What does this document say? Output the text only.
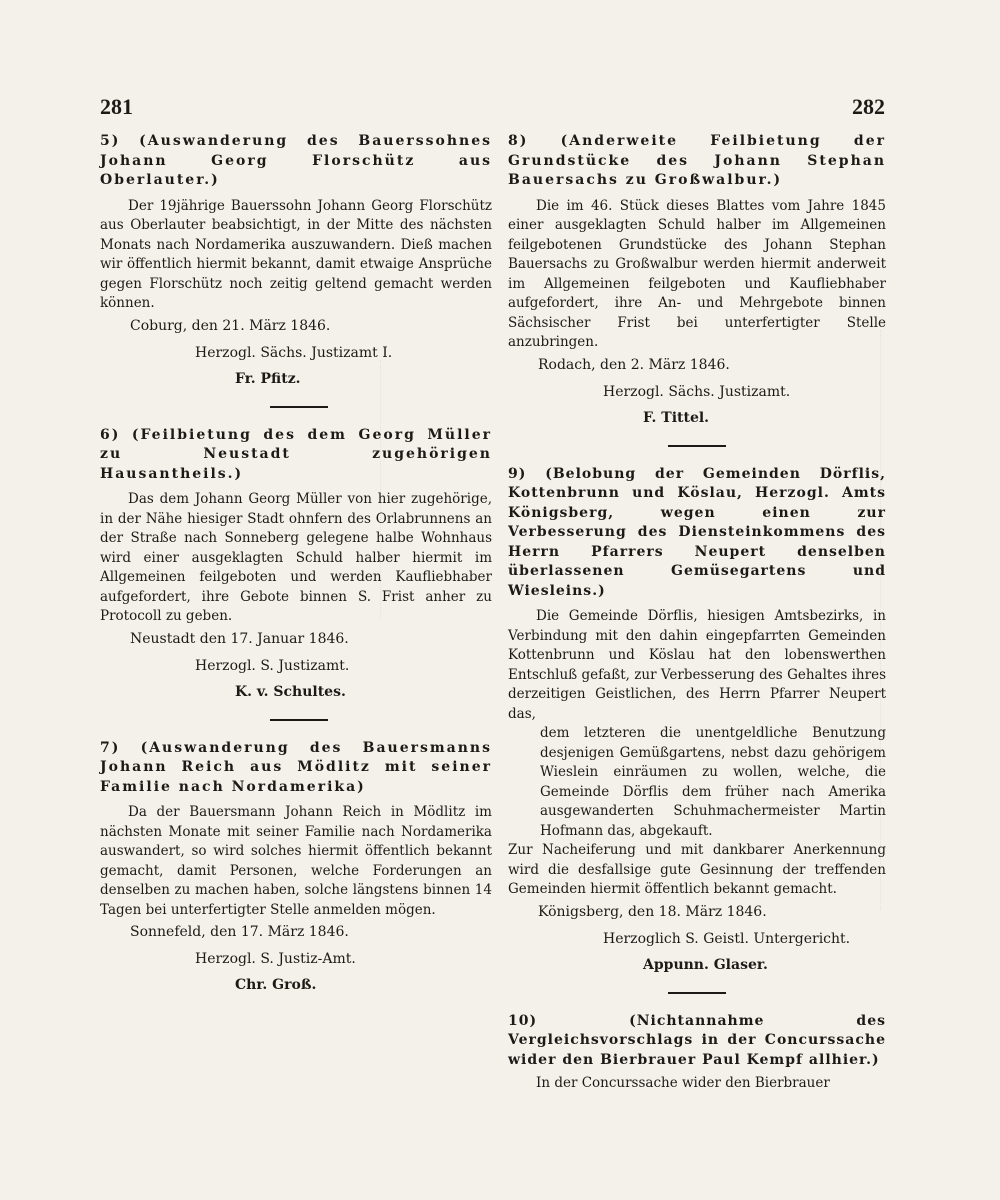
281	282

5) (Auswanderung des Bauerssohnes Johann Georg Florschütz aus Oberlauter.)

Der 19jährige Bauerssohn Johann Georg Florschütz aus Oberlauter beabsichtigt, in der Mitte des nächsten Monats nach Nordamerika auszuwandern. Dieß machen wir öffentlich hiermit bekannt, damit etwaige Ansprüche gegen Florschütz noch zeitig geltend gemacht werden können.

Coburg, den 21. März 1846.

Herzogl. Sächs. Justizamt I.

Fr. Pfitz.

6) (Feilbietung des dem Georg Müller zu Neustadt zugehörigen Hausantheils.)

Das dem Johann Georg Müller von hier zugehörige, in der Nähe hiesiger Stadt ohnfern des Orlabrunnens an der Straße nach Sonneberg gelegene halbe Wohnhaus wird einer ausgeklagten Schuld halber hiermit im Allgemeinen feilgeboten und werden Kaufliebhaber aufgefordert, ihre Gebote binnen S. Frist anher zu Protocoll zu geben.

Neustadt den 17. Januar 1846.

Herzogl. S. Justizamt.

K. v. Schultes.

7) (Auswanderung des Bauersmanns Johann Reich aus Mödlitz mit seiner Familie nach Nordamerika)

Da der Bauersmann Johann Reich in Mödlitz im nächsten Monate mit seiner Familie nach Nordamerika auswandert, so wird solches hiermit öffentlich bekannt gemacht, damit Personen, welche Forderungen an denselben zu machen haben, solche längstens binnen 14 Tagen bei unterfertigter Stelle anmelden mögen.

Sonnefeld, den 17. März 1846.

Herzogl. S. Justiz-Amt.

Chr. Groß.

8) (Anderweite Feilbietung der Grundstücke des Johann Stephan Bauersachs zu Großwalbur.)

Die im 46. Stück dieses Blattes vom Jahre 1845 einer ausgeklagten Schuld halber im Allgemeinen feilgebotenen Grundstücke des Johann Stephan Bauersachs zu Großwalbur werden hiermit anderweit im Allgemeinen feilgeboten und Kaufliebhaber aufgefordert, ihre An- und Mehrgebote binnen Sächsischer Frist bei unterfertigter Stelle anzubringen.

Rodach, den 2. März 1846.

Herzogl. Sächs. Justizamt.

F. Tittel.

9) (Belobung der Gemeinden Dörflis, Kottenbrunn und Köslau, Herzogl. Amts Königsberg, wegen einen zur Verbesserung des Diensteinkommens des Herrn Pfarrers Neupert denselben überlassenen Gemüsegartens und Wiesleins.)

Die Gemeinde Dörflis, hiesigen Amtsbezirks, in Verbindung mit den dahin eingepfarrten Gemeinden Kottenbrunn und Köslau hat den lobenswerthen Entschluß gefaßt, zur Verbesserung des Gehaltes ihres derzeitigen Geistlichen, des Herrn Pfarrer Neupert das,

dem letzteren die unentgeldliche Benutzung desjenigen Gemüßgartens, nebst dazu gehörigem Wieslein einräumen zu wollen, welche, die Gemeinde Dörflis dem früher nach Amerika ausgewanderten Schuhmachermeister Martin Hofmann das, abgekauft.

Zur Nacheiferung und mit dankbarer Anerkennung wird die desfallsige gute Gesinnung der treffenden Gemeinden hiermit öffentlich bekannt gemacht.

Königsberg, den 18. März 1846.

Herzoglich S. Geistl. Untergericht.

Appunn. Glaser.

10) (Nichtannahme des Vergleichsvorschlags in der Concurssache wider den Bierbrauer Paul Kempf allhier.)

In der Concurssache wider den Bierbrauer
